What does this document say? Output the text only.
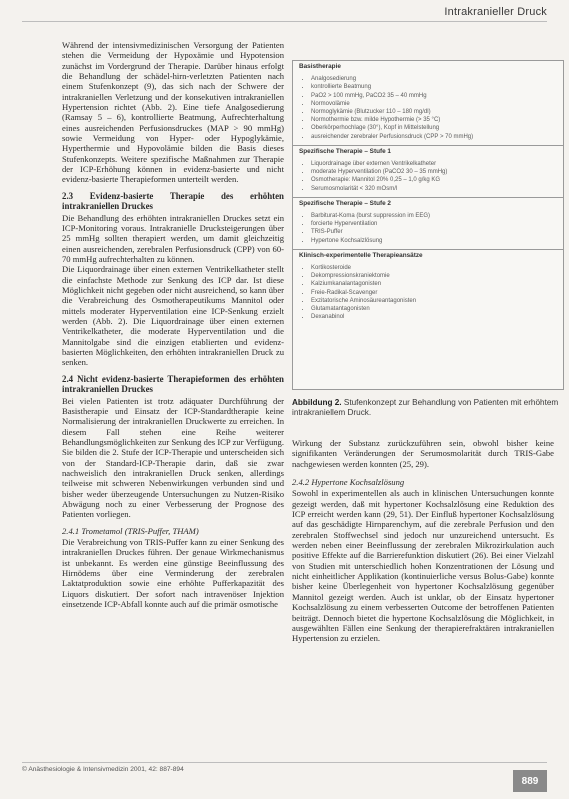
Intrakranieller Druck

Während der intensivmedizinischen Versorgung der Patienten stehen die Vermeidung der Hypoxämie und Hypotension zunächst im Vordergrund der Therapie. Darüber hinaus erfolgt die Behandlung der schädel-hirn-verletzten Patienten nach einem Stufenkonzept (9), das sich nach der Schwere der intrakraniellen Verletzung und der konsekutiven intrakraniellen Hypertension richtet (Abb. 2). Eine tiefe Analgosedierung (Ramsay 5 – 6), kontrollierte Beatmung, Aufrechterhaltung eines ausreichenden Perfusionsdruckes (MAP > 90 mmHg) sowie Vermeidung von Hyper- oder Hypoglykämie, Hyperthermie und Hypovolämie bilden die Basis dieses Stufenkonzepts. Weitere spezifische Maßnahmen zur Therapie der ICP-Erhöhung können in evidenz-basierte und nicht evidenz-basierte Therapieformen unterteilt werden.

2.3 Evidenz-basierte Therapie des erhöhten intrakraniellen Druckes

Die Behandlung des erhöhten intrakraniellen Druckes setzt ein ICP-Monitoring voraus. Intrakranielle Drucksteigerungen über 25 mmHg sollten therapiert werden, um damit gleichzeitig einen ausreichenden, zerebralen Perfusionsdruck (CPP) von 60-70 mmHg aufrechterhalten zu können.

Die Liquordrainage über einen externen Ventrikelkatheter stellt die einfachste Methode zur Senkung des ICP dar. Ist diese Möglichkeit nicht gegeben oder nicht ausreichend, so kann über die Verabreichung des Osmotherapeutikums Mannitol oder mittels moderater Hyperventilation eine ICP-Senkung erzielt werden (Abb. 2). Die Liquordrainage über einen externen Ventrikelkatheter, die moderate Hyperventilation und die Mannitolgabe sind die einzigen etablierten und evidenz-basierten Möglichkeiten, den erhöhten intrakraniellen Druck zu senken.

2.4 Nicht evidenz-basierte Therapieformen des erhöhten intrakraniellen Druckes

Bei vielen Patienten ist trotz adäquater Durchführung der Basistherapie und Einsatz der ICP-Standardtherapie keine Normalisierung der intrakraniellen Druckwerte zu erreichen. In diesem Fall stehen eine Reihe weiterer Behandlungsmöglichkeiten zur Senkung des ICP zur Verfügung. Sie bilden die 2. Stufe der ICP-Therapie und unterscheiden sich von der Standard-ICP-Therapie darin, daß sie zwar nachweislich den intrakraniellen Druck senken, allerdings teilweise mit schweren Nebenwirkungen verbunden sind und bisher weder überzeugende Untersuchungen zu Nutzen-Risiko Abwägung noch zu einer Verbesserung der Prognose des Patienten vorliegen.

2.4.1 Trometamol (TRIS-Puffer, THAM)

Die Verabreichung von TRIS-Puffer kann zu einer Senkung des intrakraniellen Druckes führen. Der genaue Wirkmechanismus ist unbekannt. Es werden eine günstige Beeinflussung des Hirnödems über eine Verminderung der zerebralen Laktatproduktion sowie eine erhöhte Pufferkapazität des Liquors diskutiert. Der sofort nach intravenöser Injektion einsetzende ICP-Abfall konnte auch auf die primär osmotische

Basistherapie
• Analgosedierung
• kontrollierte Beatmung
• PaO2 > 100 mmHg, PaCO2 35 – 40 mmHg
• Normovolämie
• Normoglykämie (Blutzucker 110 – 180 mg/dl)
• Normothermie bzw. milde Hypothermie (> 35 °C)
• Oberkörperhochlage (30°), Kopf in Mittelstellung
• ausreichender zerebraler Perfusionsdruck (CPP > 70 mmHg)
Spezifische Therapie – Stufe 1
• Liquordrainage über externen Ventrikelkatheter
• moderate Hyperventilation (PaCO2 30 – 35 mmHg)
• Osmotherapie: Mannitol 20% 0,25 – 1,0 g/kg KG
• Serumosmolarität < 320 mOsm/l
Spezifische Therapie – Stufe 2
• Barbiturat-Koma (burst suppression im EEG)
• forcierte Hyperventilation
• TRIS-Puffer
• Hypertone Kochsalzlösung
Klinisch-experimentelle Therapieansätze
• Kortikosteroide
• Dekompressionskraniektomie
• Kalziumkanalantagonisten
• Freie-Radikal-Scavenger
• Exzitatorische Aminosäureantagonisten
• Glutamatantagonisten
• Dexanabinol
Abbildung 2. Stufenkonzept zur Behandlung von Patienten mit erhöhtem intrakraniellem Druck.

Wirkung der Substanz zurückzuführen sein, obwohl bisher keine signifikanten Veränderungen der Serumosmolarität durch TRIS-Gabe nachgewiesen werden konnten (25, 29).

2.4.2 Hypertone Kochsalzlösung

Sowohl in experimentellen als auch in klinischen Untersuchungen konnte gezeigt werden, daß mit hypertoner Kochsalzlösung eine Reduktion des ICP erreicht werden kann (29, 51). Der Einfluß hypertoner Kochsalzlösung auf das geschädigte Hirnparenchym, auf die zerebrale Perfusion und den zerebralen Stoffwechsel sind jedoch nur unzureichend untersucht. Es werden neben einer Beeinflussung der zerebralen Mikrozirkulation auch positive Effekte auf die Barrierefunktion diskutiert (26). Bei einer Vielzahl von Studien mit unterschiedlich hohen Konzentrationen der Lösung und nicht einheitlicher Applikation (kontinuierliche versus Bolus-Gabe) konnte bisher keine Überlegenheit von hypertoner Kochsalzlösung gegenüber Mannitol gezeigt werden. Auch ist unklar, ob der Einsatz hypertoner Kochsalzlösung zu einem verbesserten Outcome der betroffenen Patienten beiträgt. Dennoch bietet die hypertone Kochsalzlösung die Möglichkeit, in ausgewählten Fällen eine Senkung der therapierefraktären intrakraniellen Hypertension zu erzielen.

© Anästhesiologie & Intensivmedizin 2001, 42: 887-894
889
